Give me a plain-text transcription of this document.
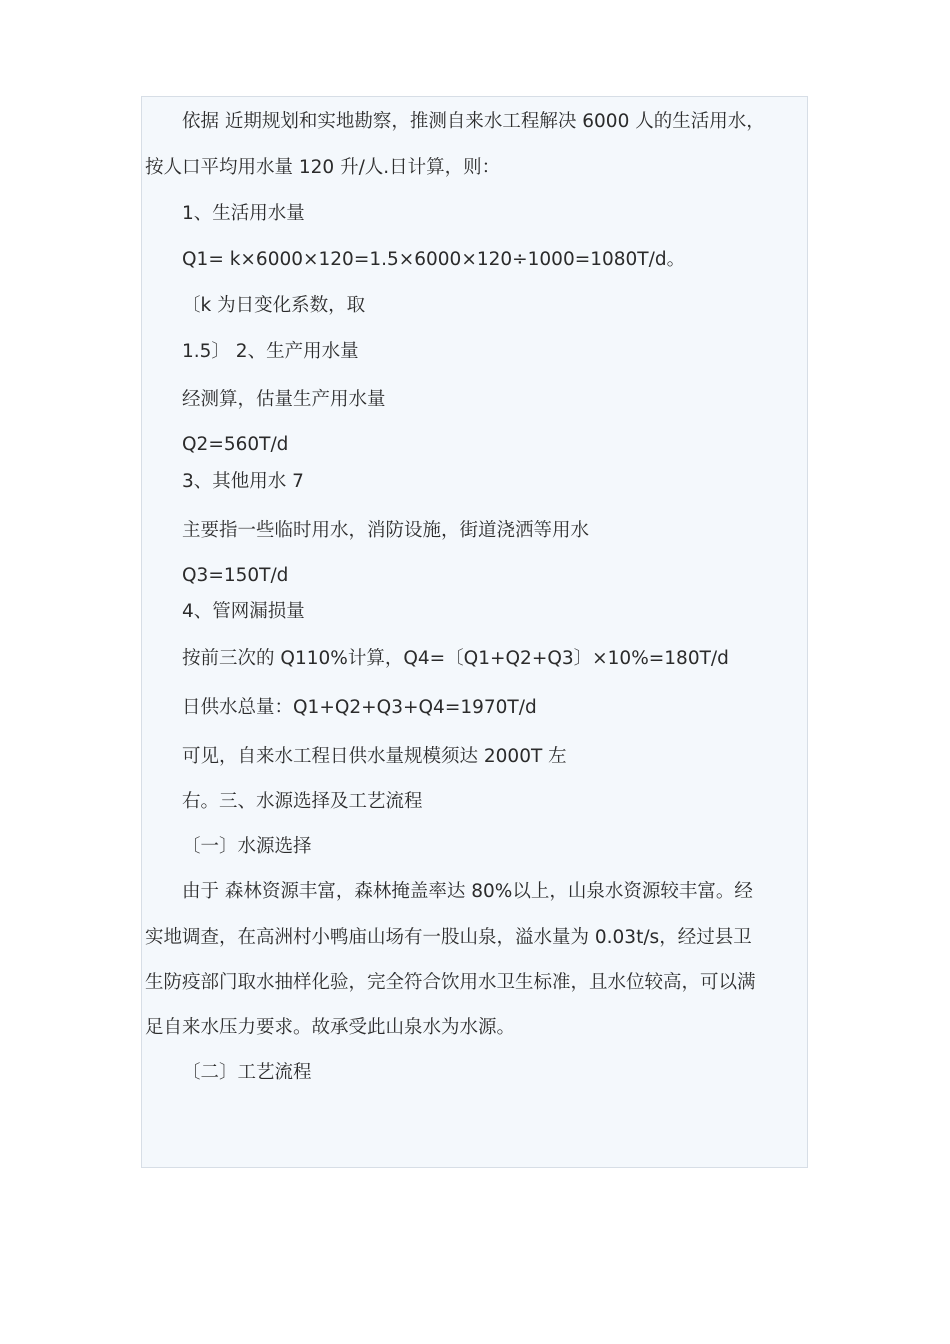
依据 近期规划和实地勘察，推测自来水工程解决 6000 人的生活用水，
按人口平均用水量 120 升/人.日计算，则：
1、生活用水量
Q1= k×6000×120=1.5×6000×120÷1000=1080T/d。
〔k 为日变化系数，取
1.5〕 2、生产用水量
经测算，估量生产用水量
Q2=560T/d
3、其他用水 7
主要指一些临时用水，消防设施，街道浇洒等用水
Q3=150T/d
4、管网漏损量
按前三次的 Q110%计算，Q4=〔Q1+Q2+Q3〕×10%=180T/d
日供水总量：Q1+Q2+Q3+Q4=1970T/d
可见，自来水工程日供水量规模须达 2000T 左
右。三、水源选择及工艺流程
〔一〕水源选择
由于 森林资源丰富，森林掩盖率达 80%以上，山泉水资源较丰富。经
实地调查，在高洲村小鸭庙山场有一股山泉，溢水量为 0.03t/s，经过县卫
生防疫部门取水抽样化验，完全符合饮用水卫生标准，且水位较高，可以满
足自来水压力要求。故承受此山泉水为水源。
〔二〕工艺流程
